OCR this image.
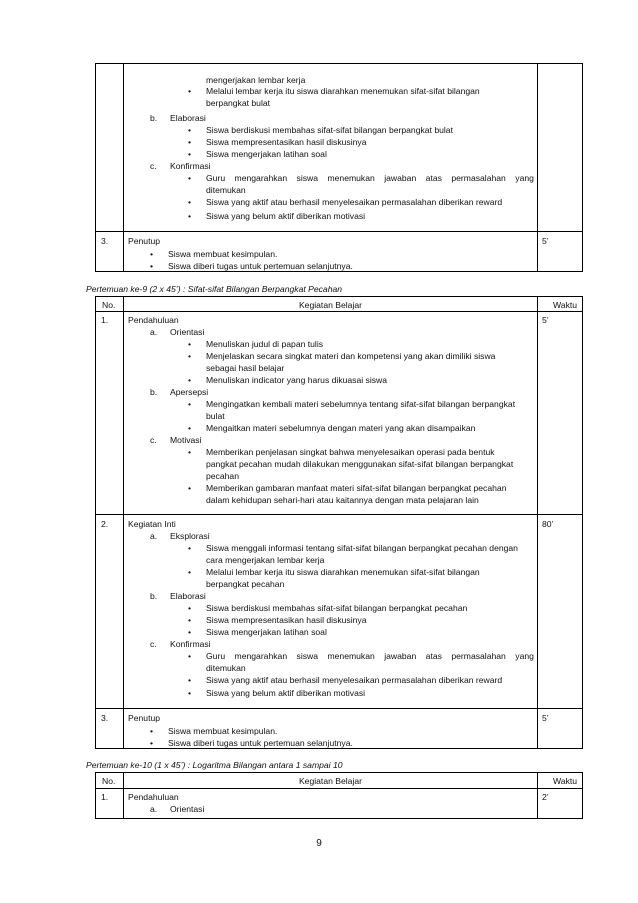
mengerjakan lembar kerja
• Melalui lembar kerja itu siswa diarahkan menemukan sifat-sifat bilangan
berpangkat bulat
b. Elaborasi
• Siswa berdiskusi membahas sifat-sifat bilangan berpangkat bulat
• Siswa mempresentasikan hasil diskusinya
• Siswa mengerjakan latihan soal
c. Konfirmasi
• Guru mengarahkan siswa menemukan jawaban atas permasalahan yang
ditemukan
• Siswa yang aktif atau berhasil menyelesaikan permasalahan diberikan reward
• Siswa yang belum aktif diberikan motivasi
3. Penutup	5’
• Siswa membuat kesimpulan.
• Siswa diberi tugas untuk pertemuan selanjutnya.
Pertemuan ke-9 (2 x 45’) : Sifat-sifat Bilangan Berpangkat Pecahan
No.	Kegiatan Belajar	Waktu
1. Pendahuluan	5’
a. Orientasi
• Menuliskan judul di papan tulis
• Menjelaskan secara singkat materi dan kompetensi yang akan dimiliki siswa
sebagai hasil belajar
• Menuliskan indicator yang harus dikuasai siswa
b. Apersepsi
• Mengingatkan kembali materi sebelumnya tentang sifat-sifat bilangan berpangkat
bulat
• Mengaitkan materi sebelumnya dengan materi yang akan disampaikan
c. Motivasi
• Memberikan penjelasan singkat bahwa menyelesaikan operasi pada bentuk
pangkat pecahan mudah dilakukan menggunakan sifat-sifat bilangan berpangkat
pecahan
• Memberikan gambaran manfaat materi sifat-sifat bilangan berpangkat pecahan
dalam kehidupan sehari-hari atau kaitannya dengan mata pelajaran lain
2. Kegiatan Inti	80’
a. Eksplorasi
• Siswa menggali informasi tentang sifat-sifat bilangan berpangkat pecahan dengan
cara mengerjakan lembar kerja
• Melalui lembar kerja itu siswa diarahkan menemukan sifat-sifat bilangan
berpangkat pecahan
b. Elaborasi
• Siswa berdiskusi membahas sifat-sifat bilangan berpangkat pecahan
• Siswa mempresentasikan hasil diskusinya
• Siswa mengerjakan latihan soal
c. Konfirmasi
• Guru mengarahkan siswa menemukan jawaban atas permasalahan yang
ditemukan
• Siswa yang aktif atau berhasil menyelesaikan permasalahan diberikan reward
• Siswa yang belum aktif diberikan motivasi
3. Penutup	5’
• Siswa membuat kesimpulan.
• Siswa diberi tugas untuk pertemuan selanjutnya.
Pertemuan ke-10 (1 x 45’) : Logaritma Bilangan antara 1 sampai 10
No.	Kegiatan Belajar	Waktu
1. Pendahuluan	2’
a. Orientasi
9
